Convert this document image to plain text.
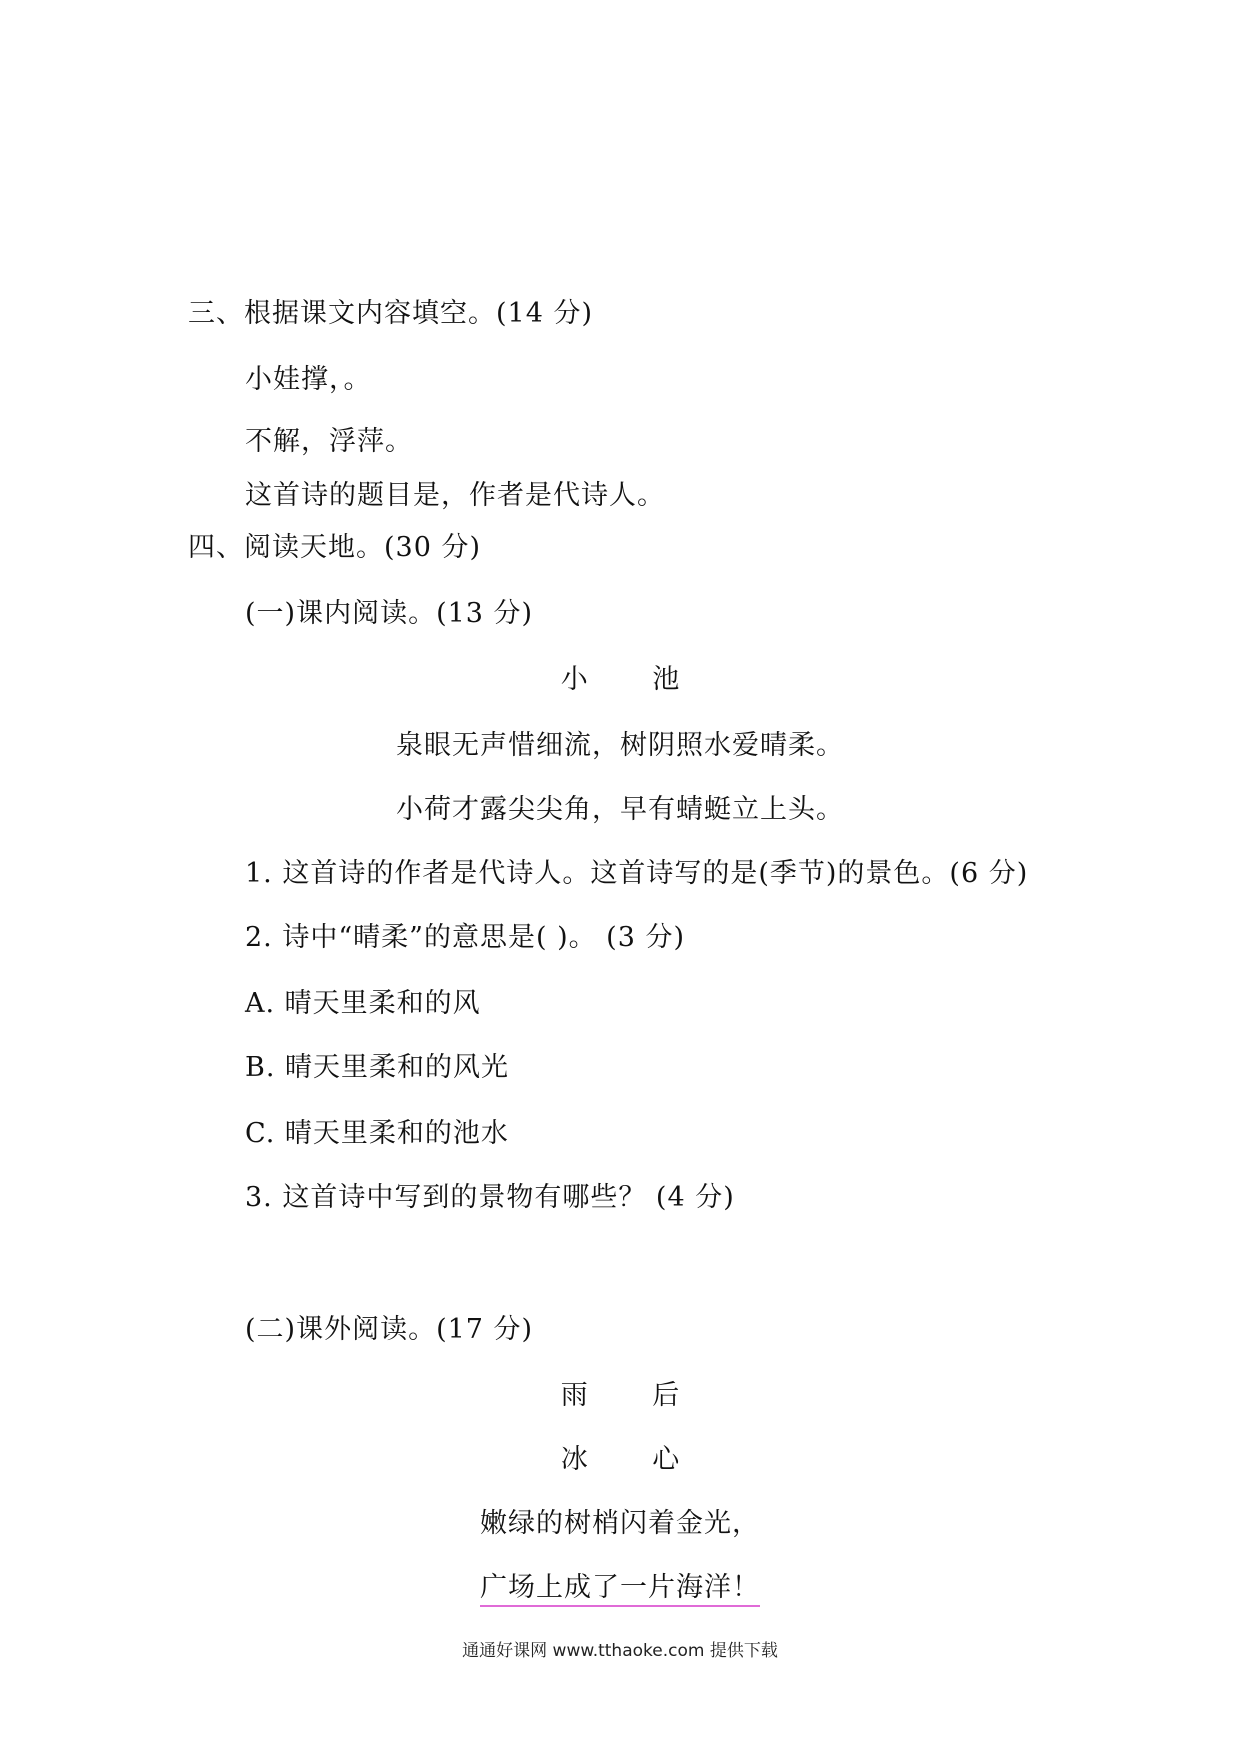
三、根据课文内容填空。(14 分)
小娃撑，。
不解，浮萍。
这首诗的题目是，作者是代诗人。
四、阅读天地。(30 分)
(一)课内阅读。(13 分)
小 池
泉眼无声惜细流，树阴照水爱晴柔。
小荷才露尖尖角，早有蜻蜓立上头。
1. 这首诗的作者是代诗人。这首诗写的是(季节)的景色。(6 分)
2. 诗中“晴柔”的意思是( )。 (3 分)
A. 晴天里柔和的风
B. 晴天里柔和的风光
C. 晴天里柔和的池水
3. 这首诗中写到的景物有哪些？ (4 分)
(二)课外阅读。(17 分)
雨 后
冰 心
嫩绿的树梢闪着金光，
广场上成了一片海洋！
通通好课网 www.tthaoke.com 提供下载
